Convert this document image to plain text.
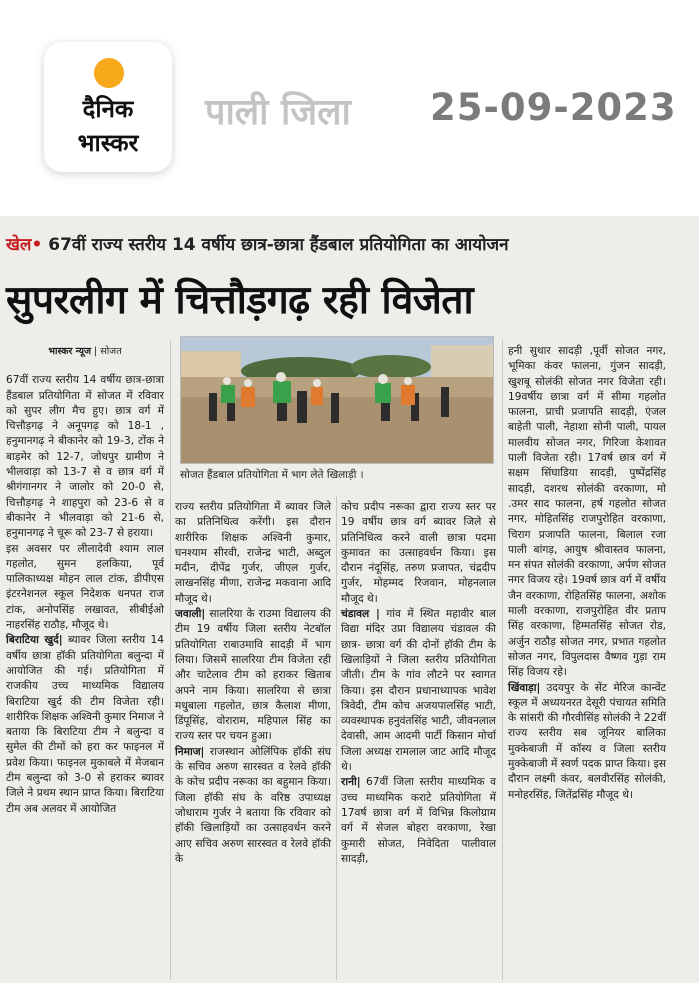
दैनिक
भास्कर
पाली जिला 25-09-2023
खेल• 67वीं राज्य स्तरीय 14 वर्षीय छात्र-छात्रा हैंडबाल प्रतियोगिता का आयोजन
सुपरलीग में चित्तौड़गढ़ रही विजेता
सोजत हैंडबाल प्रतियोगिता में भाग लेते खिलाड़ी ।

भास्कर न्यूज | सोजत

67वीं राज्य स्तरीय 14 वर्षीय छात्र-छात्रा हैंडबाल प्रतियोगिता में सोजत में रविवार को सुपर लीग मैच हुए। छात्र वर्ग में चित्तौड़गढ़ ने अनूपगढ़ को 18-1 , हनुमानगढ़ ने बीकानेर को 19-3, टोंक ने बाड़मेर को 12-7, जोधपुर ग्रामीण ने भीलवाड़ा को 13-7 से व छात्र वर्ग में श्रीगंगानगर ने जालोर को 20-0 से, चित्तौड़गढ़ ने शाहपुरा को 23-6 से व बीकानेर ने भीलवाड़ा को 21-6 से, हनुमानगढ़ ने चूरू को 23-7 से हराया।

इस अवसर पर लीलादेवी श्याम लाल गहलोत, सुमन हलकिया, पूर्व पालिकाध्यक्ष मोहन लाल टांक, डीपीएस इंटरनेशनल स्कूल निदेशक धनपत राज टांक, अनोपसिंह लखावत, सीबीईओ नाहरसिंह राठौड़, मौजूद थे।

बिराटिया खुर्द| ब्यावर जिला स्तरीय 14 वर्षीय छात्रा हॉकी प्रतियोगिता बलुन्दा में आयोजित की गई। प्रतियोगिता में राजकीय उच्च माध्यमिक विद्यालय बिराटिया खुर्द की टीम विजेता रही। शारीरिक शिक्षक अश्विनी कुमार निमाज ने बताया कि बिराटिया टीम ने बलुन्दा व सुमेल की टीमों को हरा कर फाइनल में प्रवेश किया। फाइनल मुकाबले में मेजबान टीम बलुन्दा को 3-0 से हराकर ब्यावर जिले ने प्रथम स्थान प्राप्त किया। बिराटिया टीम अब अलवर में आयोजित

राज्य स्तरीय प्रतियोगिता में ब्यावर जिले का प्रतिनिधित्व करेंगी। इस दौरान शारीरिक शिक्षक अश्विनी कुमार, घनश्याम सीरवी, राजेन्द्र भाटी, अब्दुल मदीन, दीपेंद्र गुर्जर, जीएल गुर्जर, लाखनसिंह मीणा, राजेन्द्र मकवाना आदि मौजूद थे।

जवाली| सालरिया के राउमा विद्यालय की टीम 19 वर्षीय जिला स्तरीय नेटबॉल प्रतियोगिता राबाउमावि सादड़ी में भाग लिया। जिसमें सालरिया टीम विजेता रही और चाटेलाव टीम को हराकर खिताब अपने नाम किया। सालरिया से छात्रा मधुबाला गहलोत, छात्र कैलाश मीणा, डिंपूसिंह, वोराराम, महिपाल सिंह का राज्य स्तर पर चयन हुआ।

निमाज| राजस्थान ओलिंपिक हॉकी संघ के सचिव अरुण सारस्वत व रेलवे हॉकी के कोच प्रदीप नरूका का बहुमान किया। जिला हॉकी संघ के वरिष्ठ उपाध्यक्ष जोधाराम गुर्जर ने बताया कि रविवार को हॉकी खिलाड़ियों का उत्साहवर्धन करने आए सचिव अरुण सारस्वत व रेलवे हॉकी के

कोच प्रदीप नरूका द्वारा राज्य स्तर पर 19 वर्षीय छात्र वर्ग ब्यावर जिले से प्रतिनिधित्व करने वाली छात्रा पदमा कुमावत का उत्साहवर्धन किया। इस दौरान नंदूसिंह, तरुण प्रजापत, चंद्रदीप गुर्जर, मोहम्मद रिजवान, मोहनलाल मौजूद थे।

चंडावल | गांव में स्थित महावीर बाल विद्या मंदिर उप्रा विद्यालय चंडावल की छात्र- छात्रा वर्ग की दोनों हॉकी टीम के खिलाड़ियों ने जिला स्तरीय प्रतियोगिता जीती। टीम के गांव लौटने पर स्वागत किया। इस दौरान प्रधानाध्यापक भावेश त्रिवेदी, टीम कोच अजयपालसिंह भाटी, व्यवस्थापक हनुवंतसिंह भाटी, जीवनलाल देवासी, आम आदमी पार्टी किसान मोर्चा जिला अध्यक्ष रामलाल जाट आदि मौजूद थे।

रानी| 67वीं जिला स्तरीय माध्यमिक व उच्च माध्यमिक कराटे प्रतियोगिता में 17वर्ष छात्रा वर्ग में विभिन्न किलोग्राम वर्ग में सेजल बोहरा वरकाणा, रेखा कुमारी सोजत, निवेदिता पालीवाल सादड़ी,

हनी सुथार सादड़ी ,पूर्वी सोजत नगर, भूमिका कंवर फालना, गुंजन सादड़ी, खुशबू सोलंकी सोजत नगर विजेता रही। 19वर्षीय छात्रा वर्ग में सीमा गहलोत फालना, प्राची प्रजापति सादड़ी, एंजल बाहेती पाली, नेहाशा सोनी पाली, पायल मालवीय सोजत नगर, गिरिजा केशावत पाली विजेता रही। 17वर्ष छात्र वर्ग में सक्षम सिंघाडिया सादड़ी, पुष्पेंद्रसिंह सादड़ी, दशरथ सोलंकी वरकाणा, मो .उमर साद फालना, हर्ष गहलोत सोजत नगर, मोहितसिंह राजपुरोहित वरकाणा, चिराग प्रजापति फालना, बिलाल रजा पाली बांगड़, आयुष श्रीवास्तव फालना, मन संपत सोलंकी वरकाणा, अर्पण सोजत नगर विजय रहे। 19वर्ष छात्र वर्ग में वर्षीय जैन वरकाणा, रोहितसिंह फालना, अशोक माली वरकाणा, राजपुरोहित वीर प्रताप सिंह वरकाणा, हिम्मतसिंह सोजत रोड, अर्जुन राठौड़ सोजत नगर, प्रभात गहलोत सोजत नगर, विपुलदास वैष्णव गुड़ा राम सिंह विजय रहे।

खिंवाड़ा| उदयपुर के सेंट मेरिज कान्वेंट स्कूल में अध्ययनरत देसूरी पंचायत समिति के सांसरी की गौरवीसिंह सोलंकी ने 22वीं राज्य स्तरीय सब जूनियर बालिका मुक्केबाजी में कॉस्य व जिला स्तरीय मुक्केबाजी में स्वर्ण पदक प्राप्त किया। इस दौरान लक्ष्मी कंवर, बलवीरसिंह सोलंकी, मनोहरसिंह, जितेंद्रसिंह मौजूद थे।
